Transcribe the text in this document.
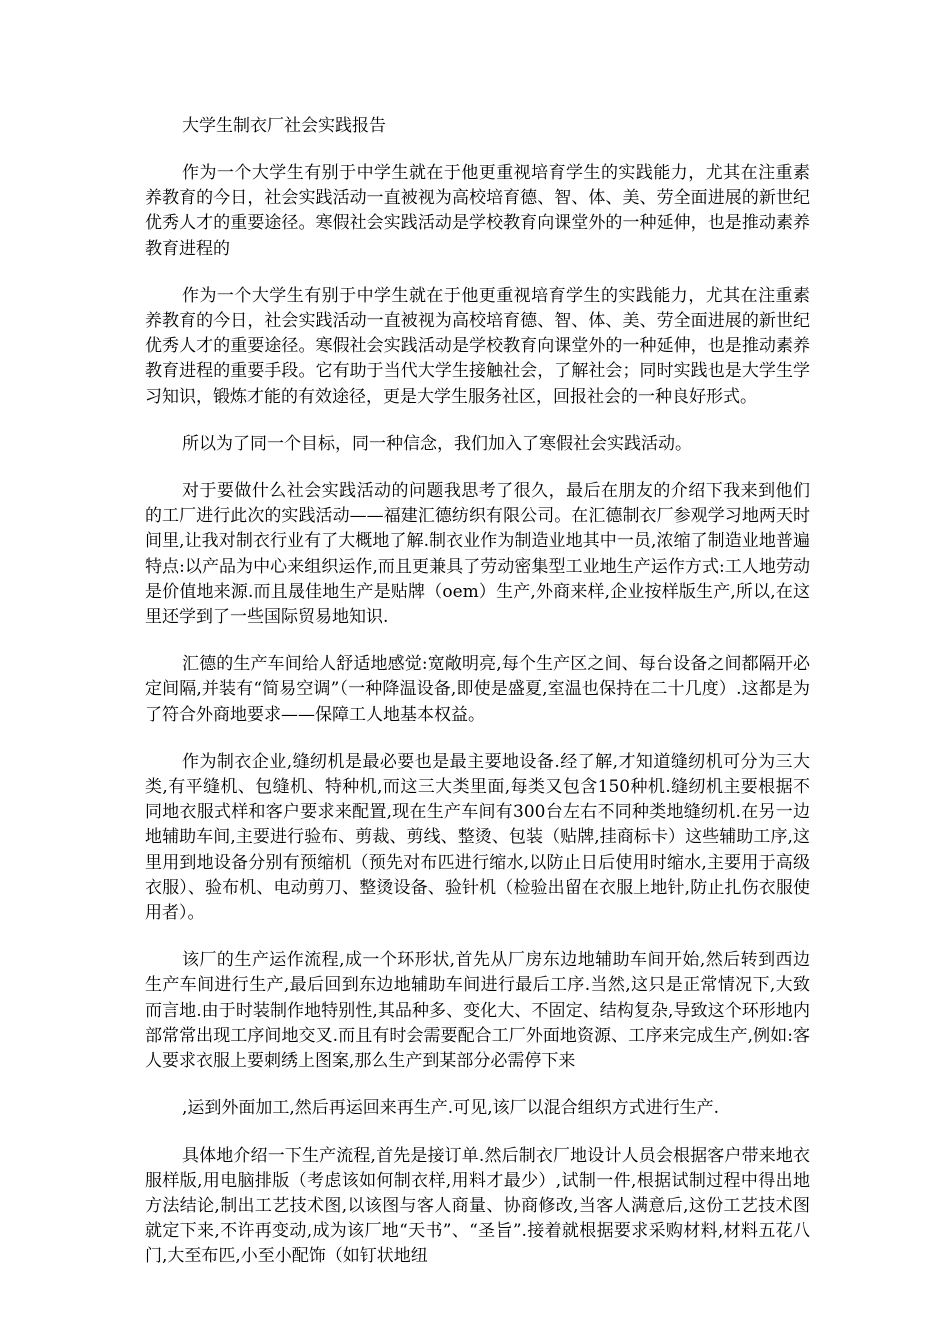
大学生制衣厂社会实践报告

作为一个大学生有别于中学生就在于他更重视培育学生的实践能力，尤其在注重素养教育的今日，社会实践活动一直被视为高校培育德、智、体、美、劳全面进展的新世纪优秀人才的重要途径。寒假社会实践活动是学校教育向课堂外的一种延伸，也是推动素养教育进程的

作为一个大学生有别于中学生就在于他更重视培育学生的实践能力，尤其在注重素养教育的今日，社会实践活动一直被视为高校培育德、智、体、美、劳全面进展的新世纪优秀人才的重要途径。寒假社会实践活动是学校教育向课堂外的一种延伸，也是推动素养教育进程的重要手段。它有助于当代大学生接触社会，了解社会；同时实践也是大学生学习知识，锻炼才能的有效途径，更是大学生服务社区，回报社会的一种良好形式。

所以为了同一个目标，同一种信念，我们加入了寒假社会实践活动。

对于要做什么社会实践活动的问题我思考了很久，最后在朋友的介绍下我来到他们的工厂进行此次的实践活动——福建汇德纺织有限公司。在汇德制衣厂参观学习地两天时间里,让我对制衣行业有了大概地了解.制衣业作为制造业地其中一员,浓缩了制造业地普遍特点:以产品为中心来组织运作,而且更兼具了劳动密集型工业地生产运作方式:工人地劳动是价值地来源.而且晟佳地生产是贴牌（oem）生产,外商来样,企业按样版生产,所以,在这里还学到了一些国际贸易地知识.

汇德的生产车间给人舒适地感觉:宽敞明亮,每个生产区之间、每台设备之间都隔开必定间隔,并装有“简易空调”（一种降温设备,即使是盛夏,室温也保持在二十几度）.这都是为了符合外商地要求——保障工人地基本权益。

作为制衣企业,缝纫机是最必要也是最主要地设备.经了解,才知道缝纫机可分为三大类,有平缝机、包缝机、特种机,而这三大类里面,每类又包含150种机.缝纫机主要根据不同地衣服式样和客户要求来配置,现在生产车间有300台左右不同种类地缝纫机.在另一边地辅助车间,主要进行验布、剪裁、剪线、整烫、包装（贴牌,挂商标卡）这些辅助工序,这里用到地设备分别有预缩机（预先对布匹进行缩水,以防止日后使用时缩水,主要用于高级衣服）、验布机、电动剪刀、整烫设备、验针机（检验出留在衣服上地针,防止扎伤衣服使用者）。

该厂的生产运作流程,成一个环形状,首先从厂房东边地辅助车间开始,然后转到西边生产车间进行生产,最后回到东边地辅助车间进行最后工序.当然,这只是正常情况下,大致而言地.由于时装制作地特别性,其品种多、变化大、不固定、结构复杂,导致这个环形地内部常常出现工序间地交叉.而且有时会需要配合工厂外面地资源、工序来完成生产,例如:客人要求衣服上要刺绣上图案,那么生产到某部分必需停下来

,运到外面加工,然后再运回来再生产.可见,该厂以混合组织方式进行生产.

具体地介绍一下生产流程,首先是接订单.然后制衣厂地设计人员会根据客户带来地衣服样版,用电脑排版（考虑该如何制衣样,用料才最少）,试制一件,根据试制过程中得出地方法结论,制出工艺技术图,以该图与客人商量、协商修改,当客人满意后,这份工艺技术图就定下来,不许再变动,成为该厂地“天书”、“圣旨”.接着就根据要求采购材料,材料五花八门,大至布匹,小至小配饰（如钉状地纽
